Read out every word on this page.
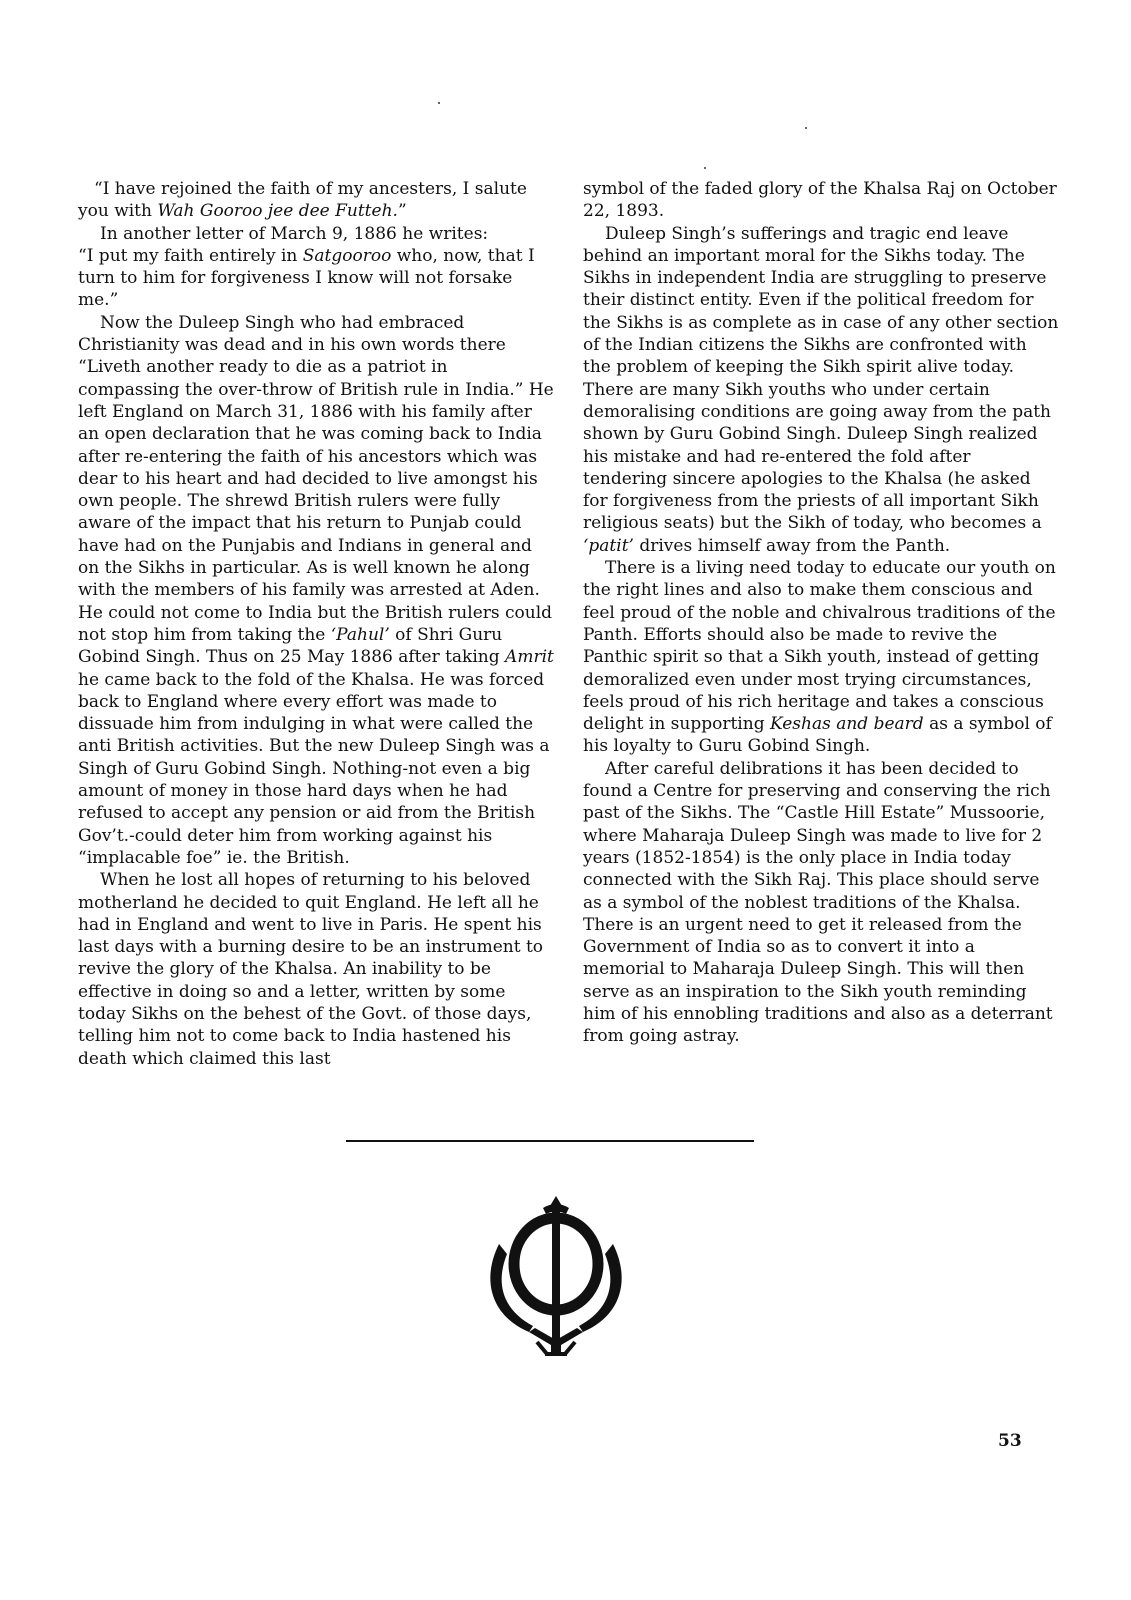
“I have rejoined the faith of my ancesters, I salute you with Wah Gooroo jee dee Futteh.”

In another letter of March 9, 1886 he writes:

“I put my faith entirely in Satgooroo who, now, that I turn to him for forgiveness I know will not forsake me.”

Now the Duleep Singh who had embraced Christianity was dead and in his own words there “Liveth another ready to die as a patriot in compassing the over-throw of British rule in India.” He left England on March 31, 1886 with his family after an open declaration that he was coming back to India after re-entering the faith of his ancestors which was dear to his heart and had decided to live amongst his own people. The shrewd British rulers were fully aware of the impact that his return to Punjab could have had on the Punjabis and Indians in general and on the Sikhs in particular. As is well known he along with the members of his family was arrested at Aden. He could not come to India but the British rulers could not stop him from taking the ‘Pahul’ of Shri Guru Gobind Singh. Thus on 25 May 1886 after taking Amrit he came back to the fold of the Khalsa. He was forced back to England where every effort was made to dissuade him from indulging in what were called the anti British activities. But the new Duleep Singh was a Singh of Guru Gobind Singh. Nothing-not even a big amount of money in those hard days when he had refused to accept any pension or aid from the British Gov’t.-could deter him from working against his “implacable foe” ie. the British.

When he lost all hopes of returning to his beloved motherland he decided to quit England. He left all he had in England and went to live in Paris. He spent his last days with a burning desire to be an instrument to revive the glory of the Khalsa. An inability to be effective in doing so and a letter, written by some today Sikhs on the behest of the Govt. of those days, telling him not to come back to India hastened his death which claimed this last

symbol of the faded glory of the Khalsa Raj on October 22, 1893.

Duleep Singh’s sufferings and tragic end leave behind an important moral for the Sikhs today. The Sikhs in independent India are struggling to preserve their distinct entity. Even if the political freedom for the Sikhs is as complete as in case of any other section of the Indian citizens the Sikhs are confronted with the problem of keeping the Sikh spirit alive today. There are many Sikh youths who under certain demoralising conditions are going away from the path shown by Guru Gobind Singh. Duleep Singh realized his mistake and had re-entered the fold after tendering sincere apologies to the Khalsa (he asked for forgiveness from the priests of all important Sikh religious seats) but the Sikh of today, who becomes a ‘patit’ drives himself away from the Panth.

There is a living need today to educate our youth on the right lines and also to make them conscious and feel proud of the noble and chivalrous traditions of the Panth. Efforts should also be made to revive the Panthic spirit so that a Sikh youth, instead of getting demoralized even under most trying circumstances, feels proud of his rich heritage and takes a conscious delight in supporting Keshas and beard as a symbol of his loyalty to Guru Gobind Singh.

After careful delibrations it has been decided to found a Centre for preserving and conserving the rich past of the Sikhs. The “Castle Hill Estate” Mussoorie, where Maharaja Duleep Singh was made to live for 2 years (1852-1854) is the only place in India today connected with the Sikh Raj. This place should serve as a symbol of the noblest traditions of the Khalsa. There is an urgent need to get it released from the Government of India so as to convert it into a memorial to Maharaja Duleep Singh. This will then serve as an inspiration to the Sikh youth reminding him of his ennobling traditions and also as a deterrant from going astray.

53
